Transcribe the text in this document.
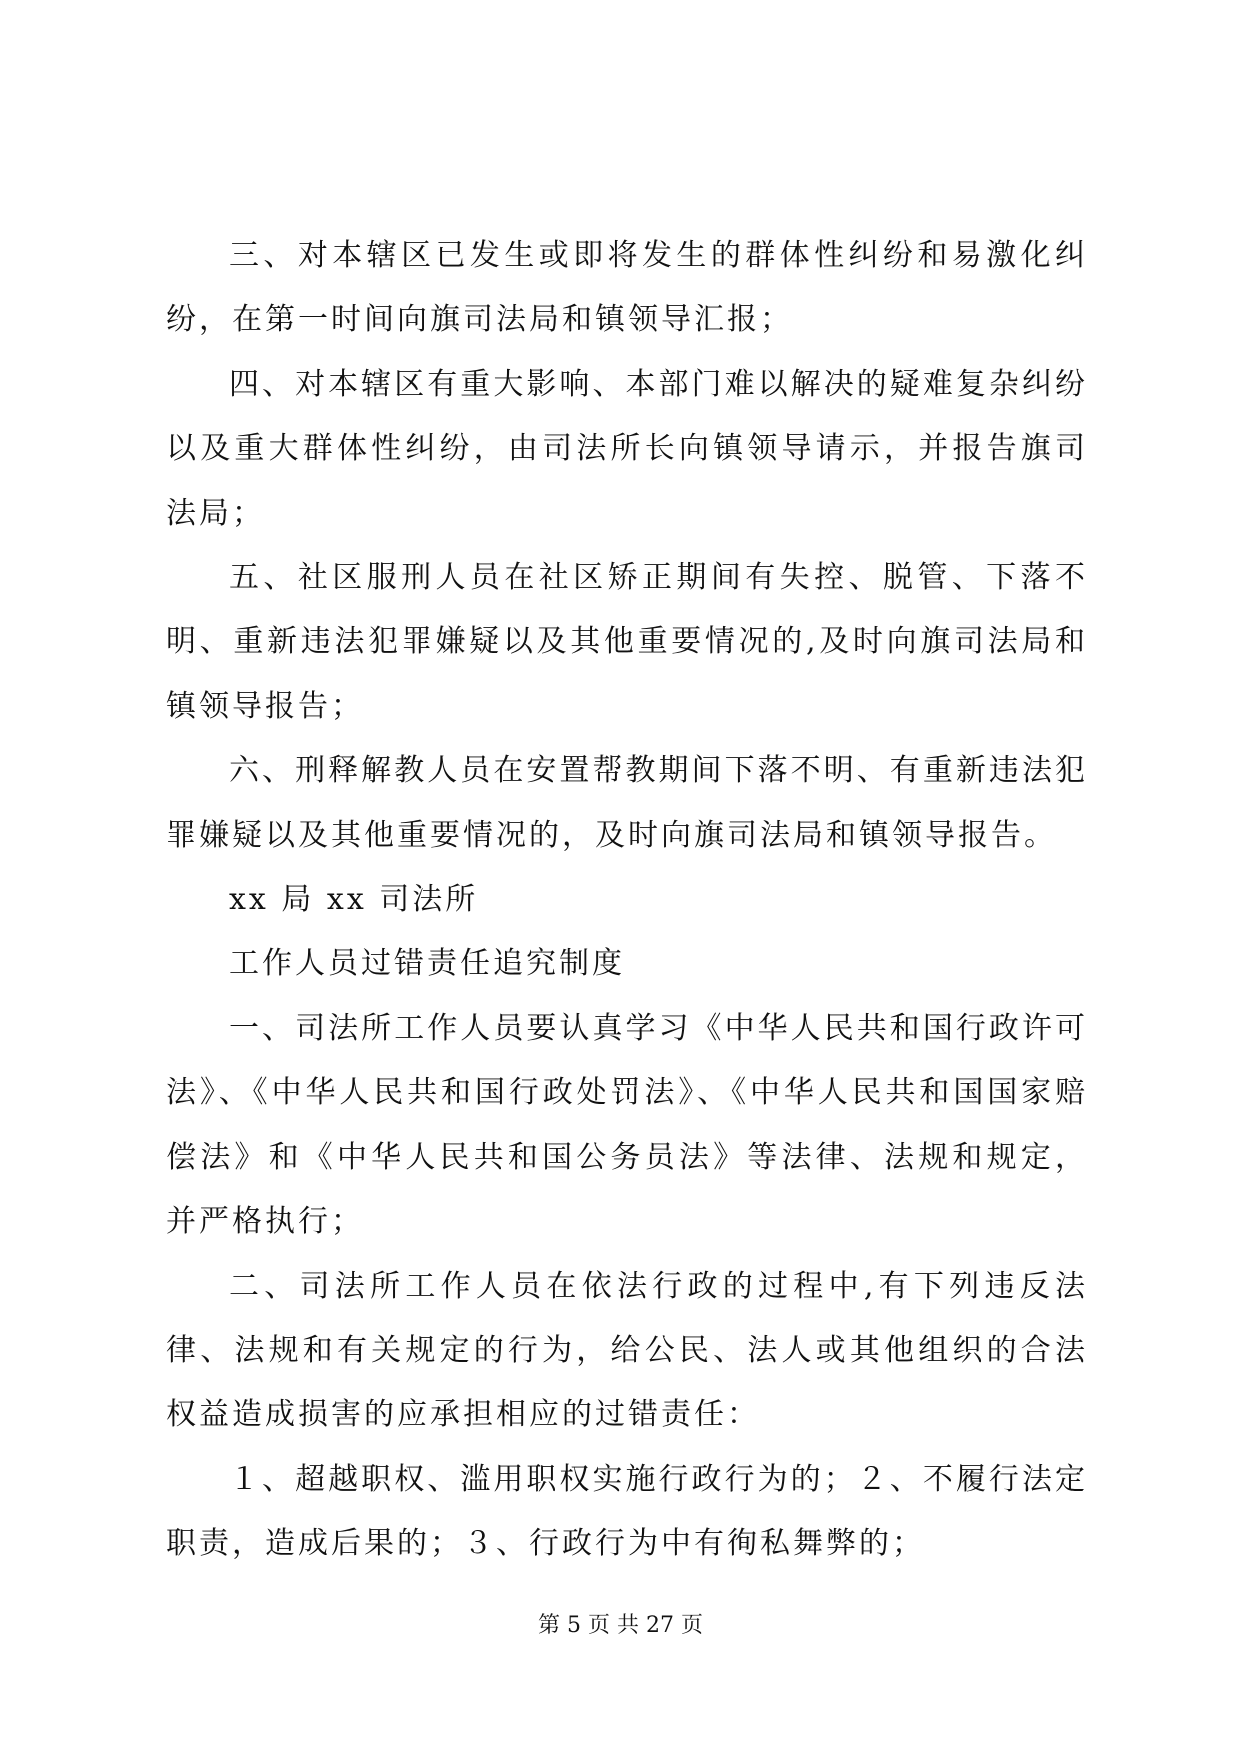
三、对本辖区已发生或即将发生的群体性纠纷和易激化纠纷，在第一时间向旗司法局和镇领导汇报；

四、对本辖区有重大影响、本部门难以解决的疑难复杂纠纷以及重大群体性纠纷，由司法所长向镇领导请示，并报告旗司法局；

五、社区服刑人员在社区矫正期间有失控、脱管、下落不明、重新违法犯罪嫌疑以及其他重要情况的,及时向旗司法局和镇领导报告；

六、刑释解教人员在安置帮教期间下落不明、有重新违法犯罪嫌疑以及其他重要情况的，及时向旗司法局和镇领导报告。

xx 局 xx 司法所

工作人员过错责任追究制度

一、司法所工作人员要认真学习《中华人民共和国行政许可法》、《中华人民共和国行政处罚法》、《中华人民共和国国家赔偿法》和《中华人民共和国公务员法》等法律、法规和规定，并严格执行；

二、司法所工作人员在依法行政的过程中,有下列违反法律、法规和有关规定的行为，给公民、法人或其他组织的合法权益造成损害的应承担相应的过错责任：

１、超越职权、滥用职权实施行政行为的；２、不履行法定职责，造成后果的；３、行政行为中有徇私舞弊的；

第 5 页 共 27 页
